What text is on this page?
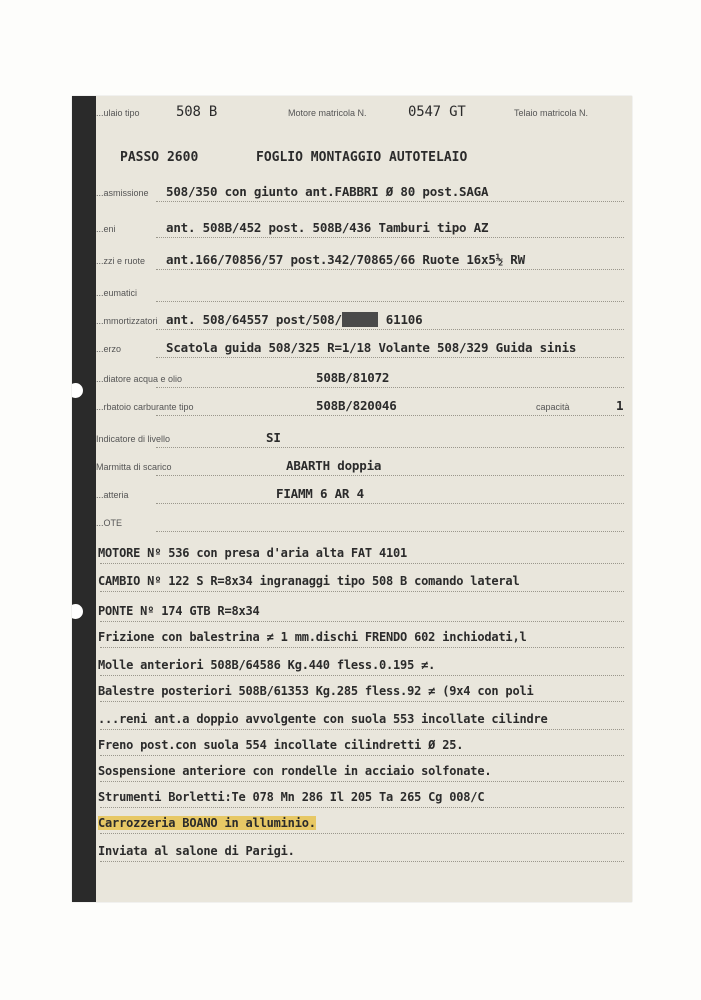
...ulaio tipo	508 B	Motore matricola N.	0547 GT	Telaio matricola N.
PASSO 2600	FOGLIO MONTAGGIO AUTOTELAIO
...asmissione 508/350 con giunto ant.FABBRI Ø 80 post.SAGA
...eni	ant. 508B/452 post. 508B/436 Tamburi tipo AZ
...zzi e ruote ant.166/70856/57 post.342/70865/66 Ruote 16x5½ RW
...eumatici
...mmortizzatori ant. 508/64557 post/508/33333 61106
...erzo	Scatola guida 508/325 R=1/18 Volante 508/329 Guida sinis
...diatore acqua e olio	508B/81072
...rbatoio carburante tipo	508B/820046	capacità	1
Indicatore di livello	SI
Marmitta di scarico	ABARTH doppia
...atteria	FIAMM 6 AR 4
...OTE
MOTORE Nº 536 con presa d'aria alta FAT 4101
CAMBIO Nº 122 S R=8x34 ingranaggi tipo 508 B comando lateral
PONTE Nº 174 GTB R=8x34
Frizione con balestrina ≠ 1 mm.dischi FRENDO 602 inchiodati,l
Molle anteriori 508B/64586 Kg.440 fless.0.195 ≠.
Balestre posteriori 508B/61353 Kg.285 fless.92 ≠ (9x4 con poli
...reni ant.a doppio avvolgente con suola 553 incollate cilindre
Freno post.con suola 554 incollate cilindretti Ø 25.
Sospensione anteriore con rondelle in acciaio solfonate.
Strumenti Borletti:Te 078 Mn 286 Il 205 Ta 265 Cg 008/C
Carrozzeria BOANO in alluminio.
Inviata al salone di Parigi.
